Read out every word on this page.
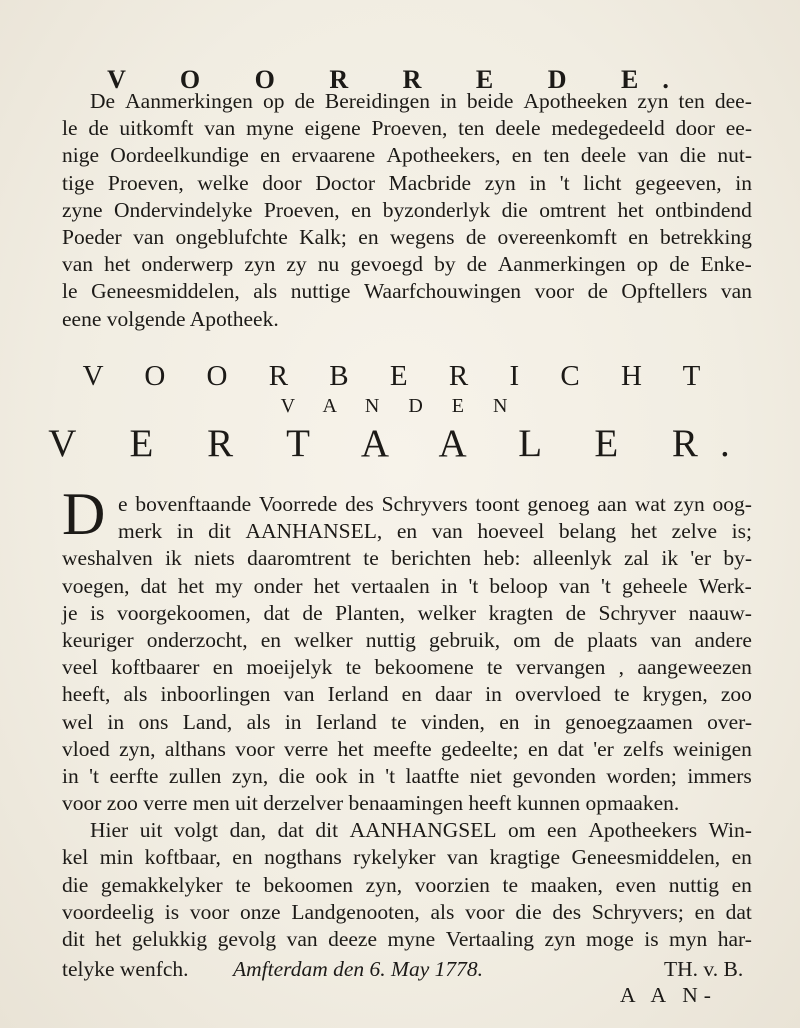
V O O R R E D E.
De Aanmerkingen op de Bereidingen in beide Apotheeken zyn ten dee-
le de uitkomft van myne eigene Proeven, ten deele medegedeeld door ee-
nige Oordeelkundige en ervaarene Apotheekers, en ten deele van die nut-
tige Proeven, welke door Doctor Macbride zyn in 't licht gegeeven, in
zyne Ondervindelyke Proeven, en byzonderlyk die omtrent het ontbindend
Poeder van ongeblufchte Kalk; en wegens de overeenkomft en betrekking
van het onderwerp zyn zy nu gevoegd by de Aanmerkingen op de Enke-
le Geneesmiddelen, als nuttige Waarfchouwingen voor de Opftellers van
eene volgende Apotheek.
V O O R B E R I C H T
V A N D E N
V E R T A A L E R.
D e bovenftaande Voorrede des Schryvers toont genoeg aan wat zyn oog-
merk in dit AANHANSEL, en van hoeveel belang het zelve is;
weshalven ik niets daaromtrent te berichten heb: alleenlyk zal ik 'er by-
voegen, dat het my onder het vertaalen in 't beloop van 't geheele Werk-
je is voorgekoomen, dat de Planten, welker kragten de Schryver naauw-
keuriger onderzocht, en welker nuttig gebruik, om de plaats van andere
veel koftbaarer en moeijelyk te bekoomene te vervangen , aangeweezen
heeft, als inboorlingen van Ierland en daar in overvloed te krygen, zoo
wel in ons Land, als in Ierland te vinden, en in genoegzaamen over-
vloed zyn, althans voor verre het meefte gedeelte; en dat 'er zelfs weinigen
in 't eerfte zullen zyn, die ook in 't laatfte niet gevonden worden; immers
voor zoo verre men uit derzelver benaamingen heeft kunnen opmaaken.
Hier uit volgt dan, dat dit AANHANGSEL om een Apotheekers Win-
kel min koftbaar, en nogthans rykelyker van kragtige Geneesmiddelen, en
die gemakkelyker te bekoomen zyn, voorzien te maaken, even nuttig en
voordeelig is voor onze Landgenooten, als voor die des Schryvers; en dat
dit het gelukkig gevolg van deeze myne Vertaaling zyn moge is myn har-
telyke wenfch. Amfterdam den 6. May 1778.	TH. v. B.
A A N-
